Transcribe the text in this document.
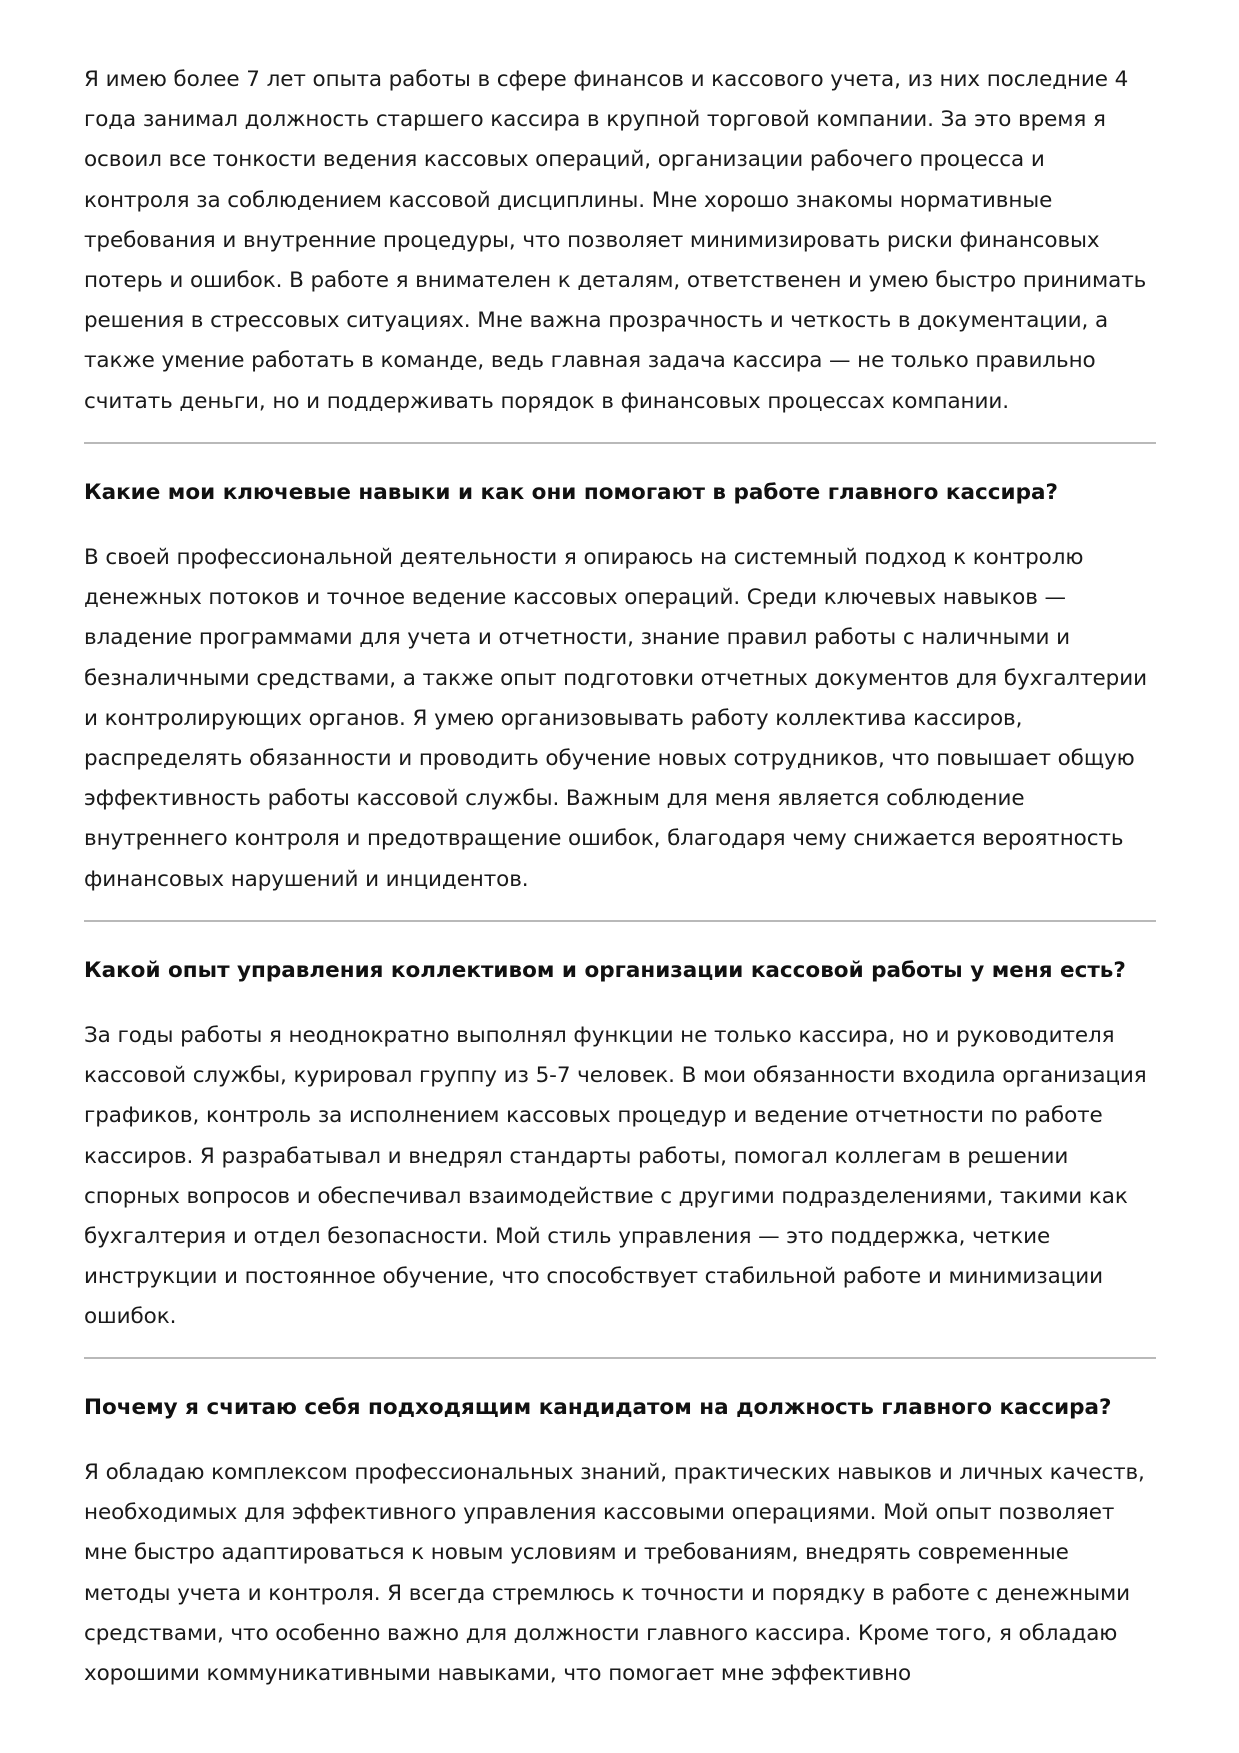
Я имею более 7 лет опыта работы в сфере финансов и кассового учета, из них последние 4 года занимал должность старшего кассира в крупной торговой компании. За это время я освоил все тонкости ведения кассовых операций, организации рабочего процесса и контроля за соблюдением кассовой дисциплины. Мне хорошо знакомы нормативные требования и внутренние процедуры, что позволяет минимизировать риски финансовых потерь и ошибок. В работе я внимателен к деталям, ответственен и умею быстро принимать решения в стрессовых ситуациях. Мне важна прозрачность и четкость в документации, а также умение работать в команде, ведь главная задача кассира — не только правильно считать деньги, но и поддерживать порядок в финансовых процессах компании.

Какие мои ключевые навыки и как они помогают в работе главного кассира?

В своей профессиональной деятельности я опираюсь на системный подход к контролю денежных потоков и точное ведение кассовых операций. Среди ключевых навыков — владение программами для учета и отчетности, знание правил работы с наличными и безналичными средствами, а также опыт подготовки отчетных документов для бухгалтерии и контролирующих органов. Я умею организовывать работу коллектива кассиров, распределять обязанности и проводить обучение новых сотрудников, что повышает общую эффективность работы кассовой службы. Важным для меня является соблюдение внутреннего контроля и предотвращение ошибок, благодаря чему снижается вероятность финансовых нарушений и инцидентов.

Какой опыт управления коллективом и организации кассовой работы у меня есть?

За годы работы я неоднократно выполнял функции не только кассира, но и руководителя кассовой службы, курировал группу из 5-7 человек. В мои обязанности входила организация графиков, контроль за исполнением кассовых процедур и ведение отчетности по работе кассиров. Я разрабатывал и внедрял стандарты работы, помогал коллегам в решении спорных вопросов и обеспечивал взаимодействие с другими подразделениями, такими как бухгалтерия и отдел безопасности. Мой стиль управления — это поддержка, четкие инструкции и постоянное обучение, что способствует стабильной работе и минимизации ошибок.

Почему я считаю себя подходящим кандидатом на должность главного кассира?

Я обладаю комплексом профессиональных знаний, практических навыков и личных качеств, необходимых для эффективного управления кассовыми операциями. Мой опыт позволяет мне быстро адаптироваться к новым условиям и требованиям, внедрять современные методы учета и контроля. Я всегда стремлюсь к точности и порядку в работе с денежными средствами, что особенно важно для должности главного кассира. Кроме того, я обладаю хорошими коммуникативными навыками, что помогает мне эффективно
